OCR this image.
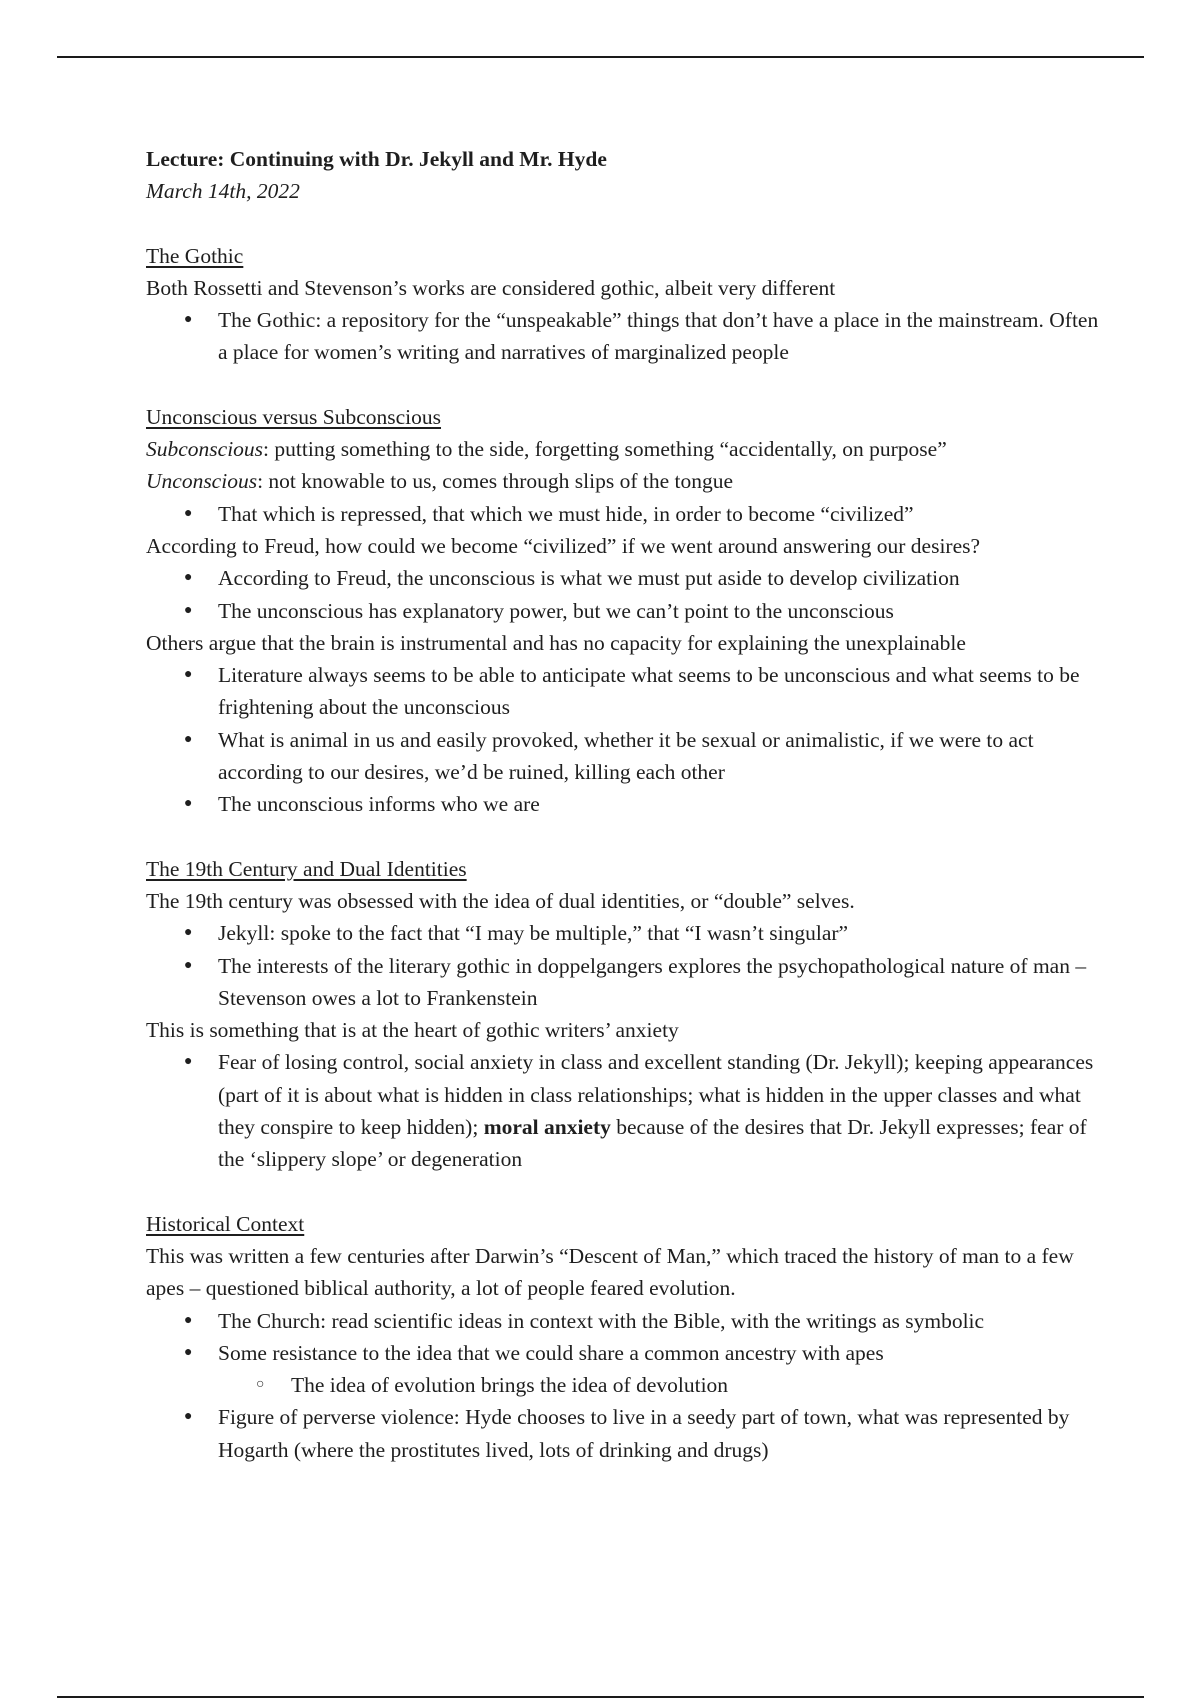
Lecture: Continuing with Dr. Jekyll and Mr. Hyde

March 14th, 2022

The Gothic

Both Rossetti and Stevenson’s works are considered gothic, albeit very different

● The Gothic: a repository for the “unspeakable” things that don’t have a place in the mainstream. Often a place for women’s writing and narratives of marginalized people

Unconscious versus Subconscious

Subconscious: putting something to the side, forgetting something “accidentally, on purpose”

Unconscious: not knowable to us, comes through slips of the tongue

● That which is repressed, that which we must hide, in order to become “civilized”

According to Freud, how could we become “civilized” if we went around answering our desires?

● According to Freud, the unconscious is what we must put aside to develop civilization
● The unconscious has explanatory power, but we can’t point to the unconscious

Others argue that the brain is instrumental and has no capacity for explaining the unexplainable

● Literature always seems to be able to anticipate what seems to be unconscious and what seems to be frightening about the unconscious
● What is animal in us and easily provoked, whether it be sexual or animalistic, if we were to act according to our desires, we’d be ruined, killing each other
● The unconscious informs who we are

The 19th Century and Dual Identities

The 19th century was obsessed with the idea of dual identities, or “double” selves.

● Jekyll: spoke to the fact that “I may be multiple,” that “I wasn’t singular”
● The interests of the literary gothic in doppelgangers explores the psychopathological nature of man – Stevenson owes a lot to Frankenstein

This is something that is at the heart of gothic writers’ anxiety

● Fear of losing control, social anxiety in class and excellent standing (Dr. Jekyll); keeping appearances (part of it is about what is hidden in class relationships; what is hidden in the upper classes and what they conspire to keep hidden); moral anxiety because of the desires that Dr. Jekyll expresses; fear of the ‘slippery slope’ or degeneration

Historical Context

This was written a few centuries after Darwin’s “Descent of Man,” which traced the history of man to a few apes – questioned biblical authority, a lot of people feared evolution.

● The Church: read scientific ideas in context with the Bible, with the writings as symbolic
● Some resistance to the idea that we could share a common ancestry with apes
○ The idea of evolution brings the idea of devolution
● Figure of perverse violence: Hyde chooses to live in a seedy part of town, what was represented by Hogarth (where the prostitutes lived, lots of drinking and drugs)
